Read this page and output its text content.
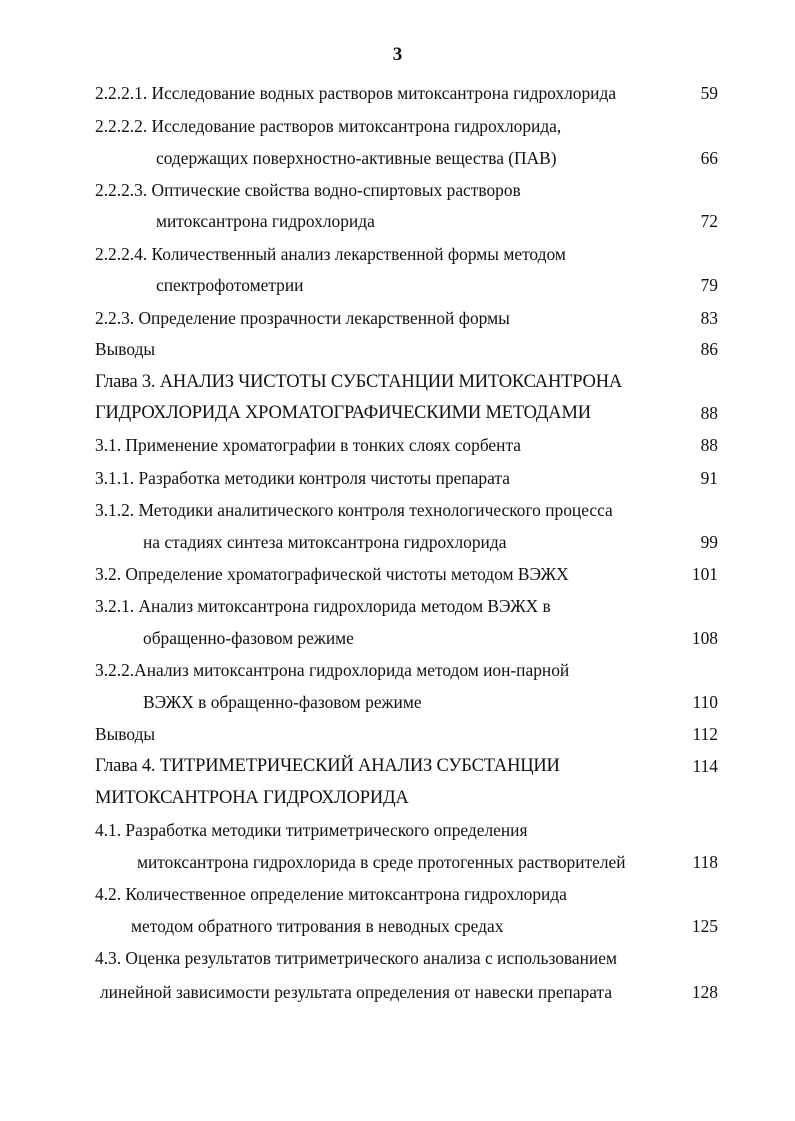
3
2.2.2.1. Исследование водных растворов митоксантрона гидрохлорида	59
2.2.2.2. Исследование растворов митоксантрона гидрохлорида,
содержащих поверхностно-активные вещества (ПАВ)	66
2.2.2.3. Оптические свойства водно-спиртовых растворов
митоксантрона гидрохлорида	72
2.2.2.4. Количественный анализ лекарственной формы методом
спектрофотометрии	79
2.2.3. Определение прозрачности лекарственной формы	83
Выводы	86
Глава 3. АНАЛИЗ ЧИСТОТЫ СУБСТАНЦИИ МИТОКСАНТРОНА
ГИДРОХЛОРИДА ХРОМАТОГРАФИЧЕСКИМИ МЕТОДАМИ	88
3.1. Применение хроматографии в тонких слоях сорбента	88
3.1.1. Разработка методики контроля чистоты препарата	91
3.1.2. Методики аналитического контроля технологического процесса
на стадиях синтеза митоксантрона гидрохлорида	99
3.2. Определение хроматографической чистоты методом ВЭЖХ	101
3.2.1. Анализ митоксантрона гидрохлорида методом ВЭЖХ в
обращенно-фазовом режиме	108
3.2.2.Анализ митоксантрона гидрохлорида методом ион-парной
ВЭЖХ в обращенно-фазовом режиме	110
Выводы	112
Глава 4. ТИТРИМЕТРИЧЕСКИЙ АНАЛИЗ СУБСТАНЦИИ	114
МИТОКСАНТРОНА ГИДРОХЛОРИДА
4.1. Разработка методики титриметрического определения
митоксантрона гидрохлорида в среде протогенных растворителей	118
4.2. Количественное определение митоксантрона гидрохлорида
методом обратного титрования в неводных средах	125
4.3. Оценка результатов титриметрического анализа с использованием
линейной зависимости результата определения от навески препарата	128
